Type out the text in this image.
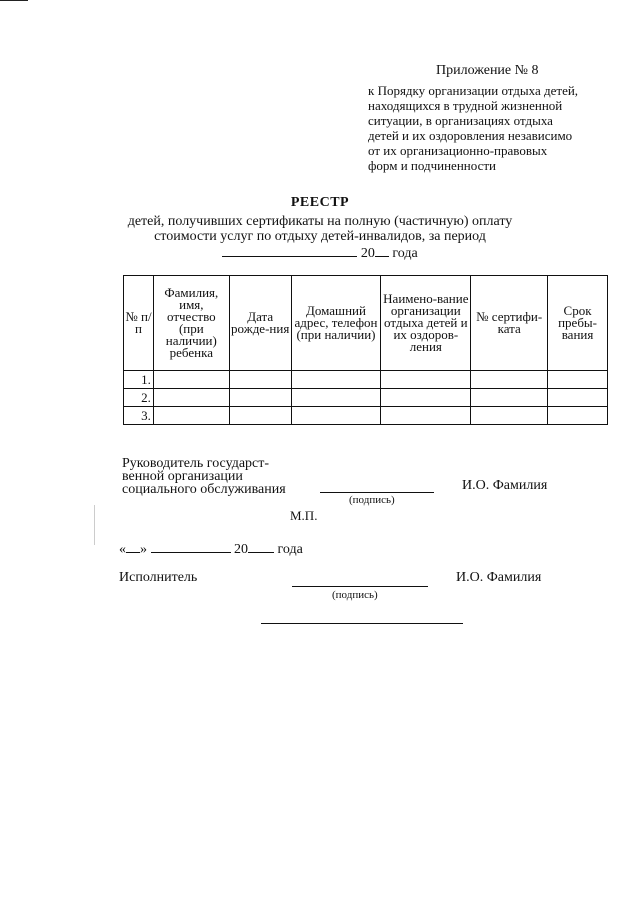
Приложение № 8
к Порядку организации отдыха детей,
находящихся в трудной жизненной
ситуации, в организациях отдыха
детей и их оздоровления независимо
от их организационно-правовых
форм и подчиненности
РЕЕСТР
детей, получивших сертификаты на полную (частичную) оплату стоимости услуг по отдыху детей-инвалидов, за период
20 года
№ п/п	Фамилия, имя, отчество (при наличии) ребенка	Дата рожде-ния	Домашний адрес, телефон (при наличии)	Наимено-вание организации отдыха детей и их оздоров-ления	№ сертифи-ката	Срок пребы-вания
1.						
2.						
3.						
Руководитель государст-
венной организации
социального обслуживания
(подпись)
И.О. Фамилия
М.П.
« »	20 года
Исполнитель
(подпись)
И.О. Фамилия
